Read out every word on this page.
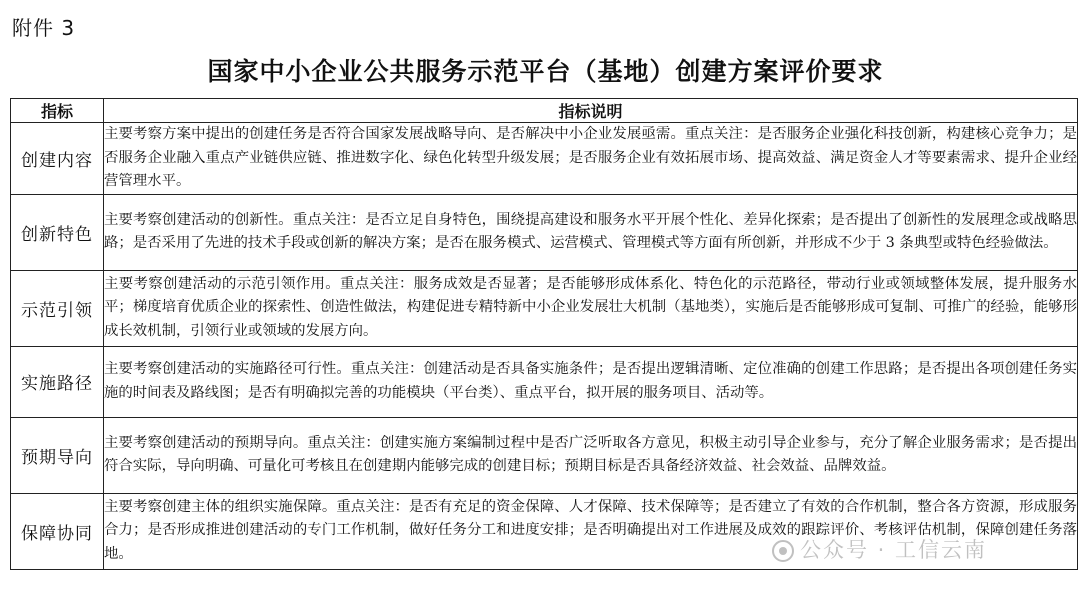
附件 3
国家中小企业公共服务示范平台（基地）创建方案评价要求
指标	指标说明
创建内容	主要考察方案中提出的创建任务是否符合国家发展战略导向、是否解决中小企业发展亟需。重点关注：是否服务企业强化科技创新，构建核心竞争力；是否服务企业融入重点产业链供应链、推进数字化、绿色化转型升级发展；是否服务企业有效拓展市场、提高效益、满足资金人才等要素需求、提升企业经营管理水平。
创新特色	主要考察创建活动的创新性。重点关注：是否立足自身特色，围绕提高建设和服务水平开展个性化、差异化探索；是否提出了创新性的发展理念或战略思路；是否采用了先进的技术手段或创新的解决方案；是否在服务模式、运营模式、管理模式等方面有所创新，并形成不少于 3 条典型或特色经验做法。
示范引领	主要考察创建活动的示范引领作用。重点关注：服务成效是否显著；是否能够形成体系化、特色化的示范路径，带动行业或领域整体发展，提升服务水平；梯度培育优质企业的探索性、创造性做法，构建促进专精特新中小企业发展壮大机制（基地类），实施后是否能够形成可复制、可推广的经验，能够形成长效机制，引领行业或领域的发展方向。
实施路径	主要考察创建活动的实施路径可行性。重点关注：创建活动是否具备实施条件；是否提出逻辑清晰、定位准确的创建工作思路；是否提出各项创建任务实施的时间表及路线图；是否有明确拟完善的功能模块（平台类）、重点平台，拟开展的服务项目、活动等。
预期导向	主要考察创建活动的预期导向。重点关注：创建实施方案编制过程中是否广泛听取各方意见，积极主动引导企业参与，充分了解企业服务需求；是否提出符合实际，导向明确、可量化可考核且在创建期内能够完成的创建目标；预期目标是否具备经济效益、社会效益、品牌效益。
保障协同	主要考察创建主体的组织实施保障。重点关注：是否有充足的资金保障、人才保障、技术保障等；是否建立了有效的合作机制，整合各方资源，形成服务合力；是否形成推进创建活动的专门工作机制，做好任务分工和进度安排；是否明确提出对工作进展及成效的跟踪评价、考核评估机制，保障创建任务落地。	公众号 · 工信云南
